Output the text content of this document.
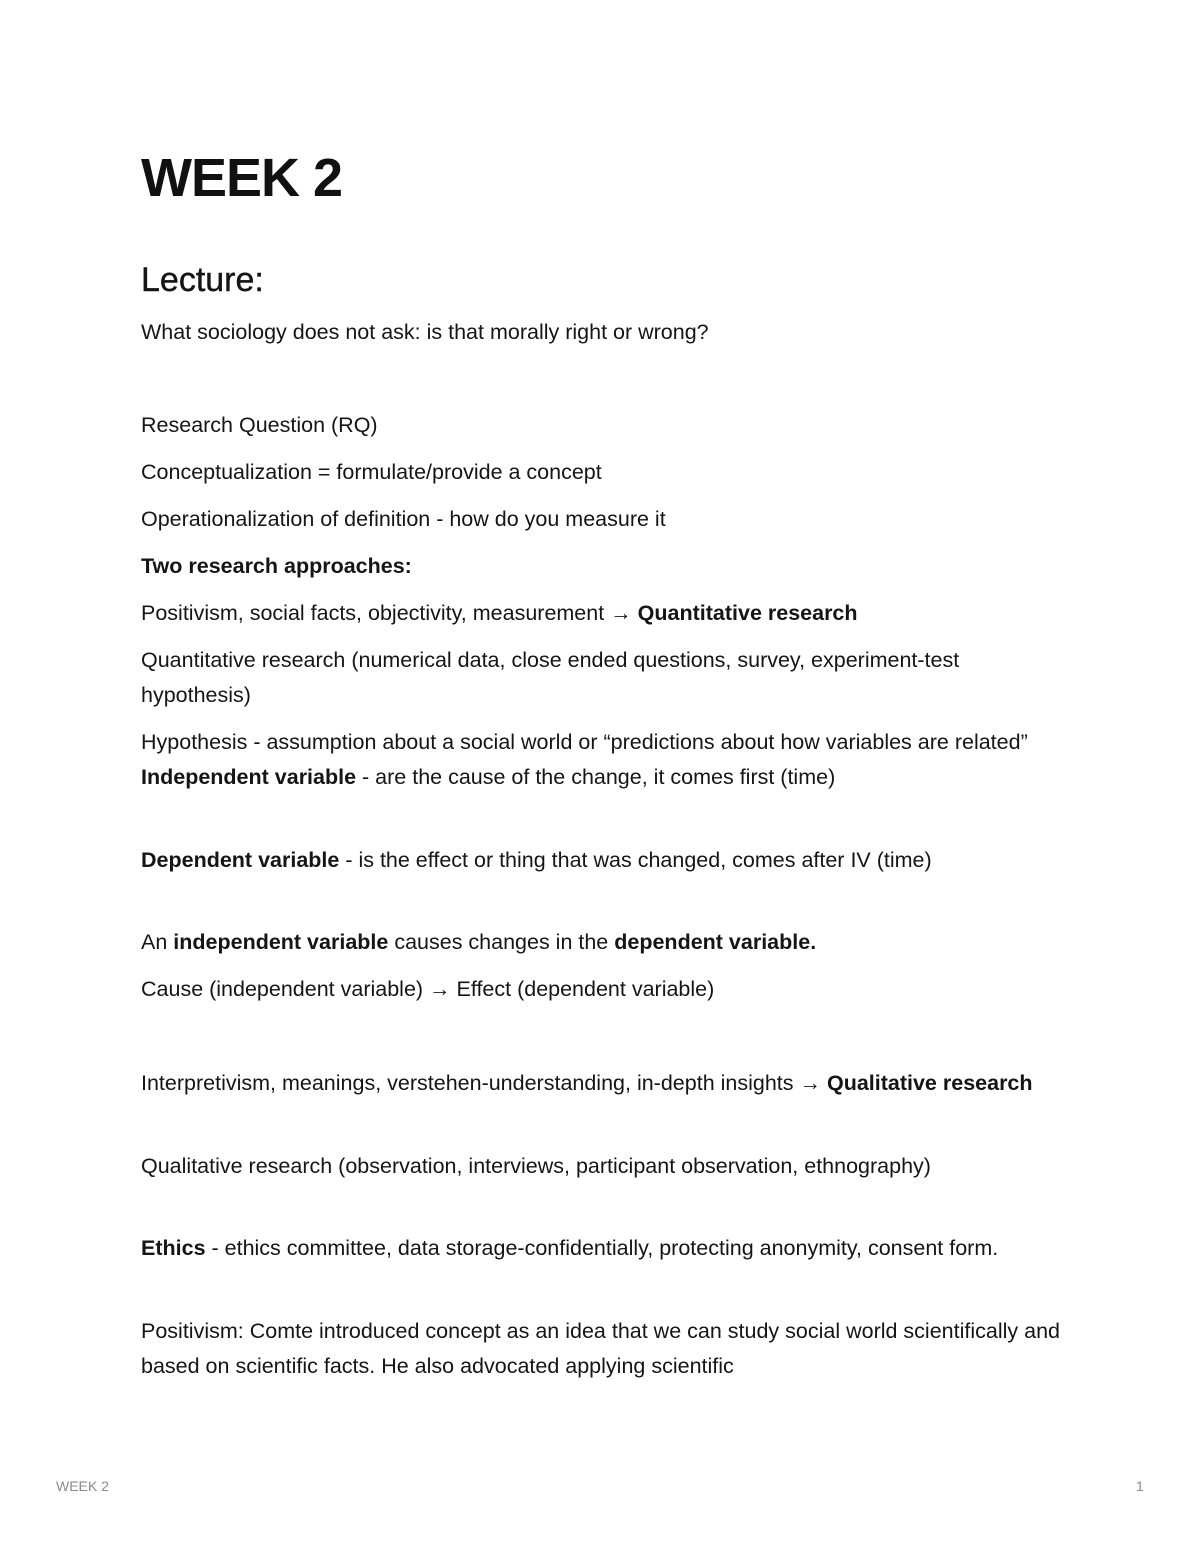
WEEK 2
Lecture:

What sociology does not ask: is that morally right or wrong?

Research Question (RQ)

Conceptualization = formulate/provide a concept

Operationalization of definition - how do you measure it

Two research approaches:

Positivism, social facts, objectivity, measurement → Quantitative research

Quantitative research (numerical data, close ended questions, survey, experiment-test hypothesis)

Hypothesis - assumption about a social world or “predictions about how variables are related” Independent variable - are the cause of the change, it comes first (time)

Dependent variable - is the effect or thing that was changed, comes after IV (time)

An independent variable causes changes in the dependent variable.

Cause (independent variable) → Effect (dependent variable)

Interpretivism, meanings, verstehen-understanding, in-depth insights → Qualitative research

Qualitative research (observation, interviews, participant observation, ethnography)

Ethics - ethics committee, data storage-confidentially, protecting anonymity, consent form.

Positivism: Comte introduced concept as an idea that we can study social world scientifically and based on scientific facts. He also advocated applying scientific

WEEK 2	1
